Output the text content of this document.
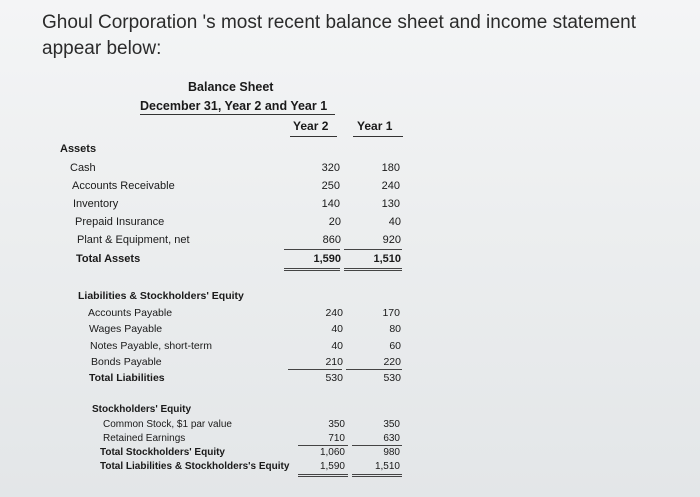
Ghoul Corporation 's most recent balance sheet and income statement appear below:
Balance Sheet
December 31, Year 2 and Year 1
Year 2 Year 1
Assets
Cash	320	180
Accounts Receivable	250	240
Inventory	140	130
Prepaid Insurance	20	40
Plant & Equipment, net	860	920
Total Assets	1,590	1,510
Liabilities & Stockholders' Equity
Accounts Payable	240	170
Wages Payable	40	80
Notes Payable, short-term	40	60
Bonds Payable	210	220
Total Liabilities	530	530
Stockholders' Equity
Common Stock, $1 par value	350	350
Retained Earnings	710	630
Total Stockholders' Equity	1,060	980
Total Liabilities & Stockholders's Equity	1,590	1,510
